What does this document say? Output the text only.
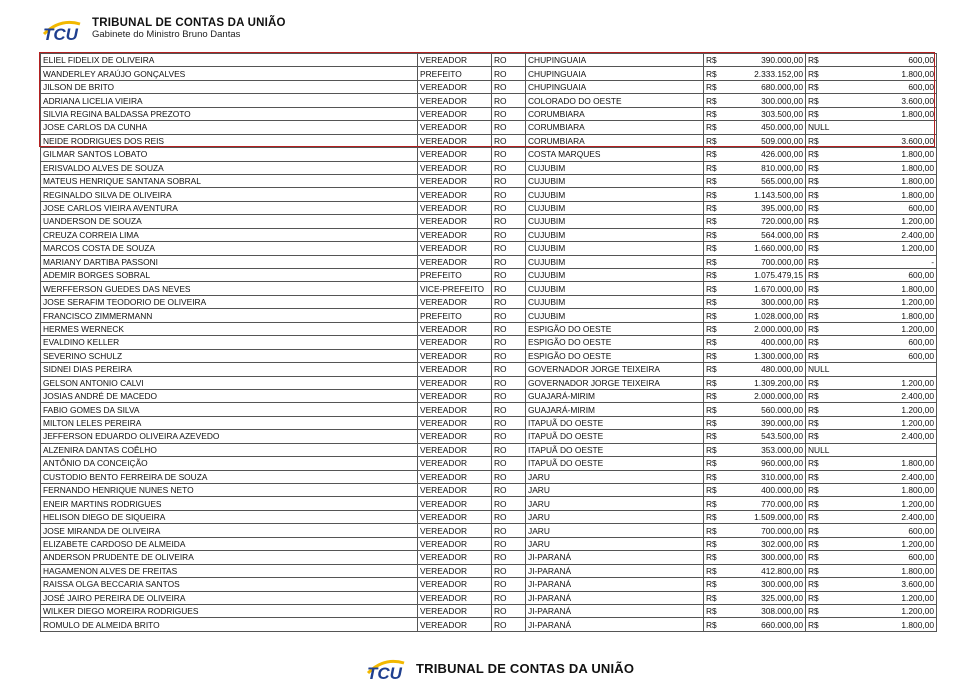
TCU
TRIBUNAL DE CONTAS DA UNIÃO
Gabinete do Ministro Bruno Dantas
ELIEL FIDELIX DE OLIVEIRA	VEREADOR	RO	CHUPINGUAIA	R$	390.000,00	R$	600,00
WANDERLEY ARAÚJO GONÇALVES	PREFEITO	RO	CHUPINGUAIA	R$	2.333.152,00	R$	1.800,00
JILSON DE BRITO	VEREADOR	RO	CHUPINGUAIA	R$	680.000,00	R$	600,00
ADRIANA LICELIA VIEIRA	VEREADOR	RO	COLORADO DO OESTE	R$	300.000,00	R$	3.600,00
SILVIA REGINA BALDASSA PREZOTO	VEREADOR	RO	CORUMBIARA	R$	303.500,00	R$	1.800,00
JOSE CARLOS DA CUNHA	VEREADOR	RO	CORUMBIARA	R$	450.000,00	NULL	
NEIDE RODRIGUES DOS REIS	VEREADOR	RO	CORUMBIARA	R$	509.000,00	R$	3.600,00
GILMAR SANTOS LOBATO	VEREADOR	RO	COSTA MARQUES	R$	426.000,00	R$	1.800,00
ERISVALDO ALVES DE SOUZA	VEREADOR	RO	CUJUBIM	R$	810.000,00	R$	1.800,00
MATEUS HENRIQUE SANTANA SOBRAL	VEREADOR	RO	CUJUBIM	R$	565.000,00	R$	1.800,00
REGINALDO SILVA DE OLIVEIRA	VEREADOR	RO	CUJUBIM	R$	1.143.500,00	R$	1.800,00
JOSE CARLOS VIEIRA AVENTURA	VEREADOR	RO	CUJUBIM	R$	395.000,00	R$	600,00
UANDERSON DE SOUZA	VEREADOR	RO	CUJUBIM	R$	720.000,00	R$	1.200,00
CREUZA CORREIA LIMA	VEREADOR	RO	CUJUBIM	R$	564.000,00	R$	2.400,00
MARCOS COSTA DE SOUZA	VEREADOR	RO	CUJUBIM	R$	1.660.000,00	R$	1.200,00
MARIANY DARTIBA PASSONI	VEREADOR	RO	CUJUBIM	R$	700.000,00	R$	-
ADEMIR BORGES SOBRAL	PREFEITO	RO	CUJUBIM	R$	1.075.479,15	R$	600,00
WERFFERSON GUEDES DAS NEVES	VICE-PREFEITO	RO	CUJUBIM	R$	1.670.000,00	R$	1.800,00
JOSE SERAFIM TEODORIO DE OLIVEIRA	VEREADOR	RO	CUJUBIM	R$	300.000,00	R$	1.200,00
FRANCISCO ZIMMERMANN	PREFEITO	RO	CUJUBIM	R$	1.028.000,00	R$	1.800,00
HERMES WERNECK	VEREADOR	RO	ESPIGÃO DO OESTE	R$	2.000.000,00	R$	1.200,00
EVALDINO KELLER	VEREADOR	RO	ESPIGÃO DO OESTE	R$	400.000,00	R$	600,00
SEVERINO SCHULZ	VEREADOR	RO	ESPIGÃO DO OESTE	R$	1.300.000,00	R$	600,00
SIDNEI DIAS PEREIRA	VEREADOR	RO	GOVERNADOR JORGE TEIXEIRA	R$	480.000,00	NULL	
GELSON ANTONIO CALVI	VEREADOR	RO	GOVERNADOR JORGE TEIXEIRA	R$	1.309.200,00	R$	1.200,00
JOSIAS ANDRÉ DE MACEDO	VEREADOR	RO	GUAJARÁ-MIRIM	R$	2.000.000,00	R$	2.400,00
FABIO GOMES DA SILVA	VEREADOR	RO	GUAJARÁ-MIRIM	R$	560.000,00	R$	1.200,00
MILTON LELES PEREIRA	VEREADOR	RO	ITAPUÃ DO OESTE	R$	390.000,00	R$	1.200,00
JEFFERSON EDUARDO OLIVEIRA AZEVEDO	VEREADOR	RO	ITAPUÃ DO OESTE	R$	543.500,00	R$	2.400,00
ALZENIRA DANTAS COÊLHO	VEREADOR	RO	ITAPUÃ DO OESTE	R$	353.000,00	NULL	
ANTÔNIO DA CONCEIÇÃO	VEREADOR	RO	ITAPUÃ DO OESTE	R$	960.000,00	R$	1.800,00
CUSTODIO BENTO FERREIRA DE SOUZA	VEREADOR	RO	JARU	R$	310.000,00	R$	2.400,00
FERNANDO HENRIQUE NUNES NETO	VEREADOR	RO	JARU	R$	400.000,00	R$	1.800,00
ENEIR MARTINS RODRIGUES	VEREADOR	RO	JARU	R$	770.000,00	R$	1.200,00
HELISON DIEGO DE SIQUEIRA	VEREADOR	RO	JARU	R$	1.509.000,00	R$	2.400,00
JOSE MIRANDA DE OLIVEIRA	VEREADOR	RO	JARU	R$	700.000,00	R$	600,00
ELIZABETE CARDOSO DE ALMEIDA	VEREADOR	RO	JARU	R$	302.000,00	R$	1.200,00
ANDERSON PRUDENTE DE OLIVEIRA	VEREADOR	RO	JI-PARANÁ	R$	300.000,00	R$	600,00
HAGAMENON ALVES DE FREITAS	VEREADOR	RO	JI-PARANÁ	R$	412.800,00	R$	1.800,00
RAISSA OLGA BECCARIA SANTOS	VEREADOR	RO	JI-PARANÁ	R$	300.000,00	R$	3.600,00
JOSÉ JAIRO PEREIRA DE OLIVEIRA	VEREADOR	RO	JI-PARANÁ	R$	325.000,00	R$	1.200,00
WILKER DIEGO MOREIRA RODRIGUES	VEREADOR	RO	JI-PARANÁ	R$	308.000,00	R$	1.200,00
ROMULO DE ALMEIDA BRITO	VEREADOR	RO	JI-PARANÁ	R$	660.000,00	R$	1.800,00
TCU TRIBUNAL DE CONTAS DA UNIÃO
